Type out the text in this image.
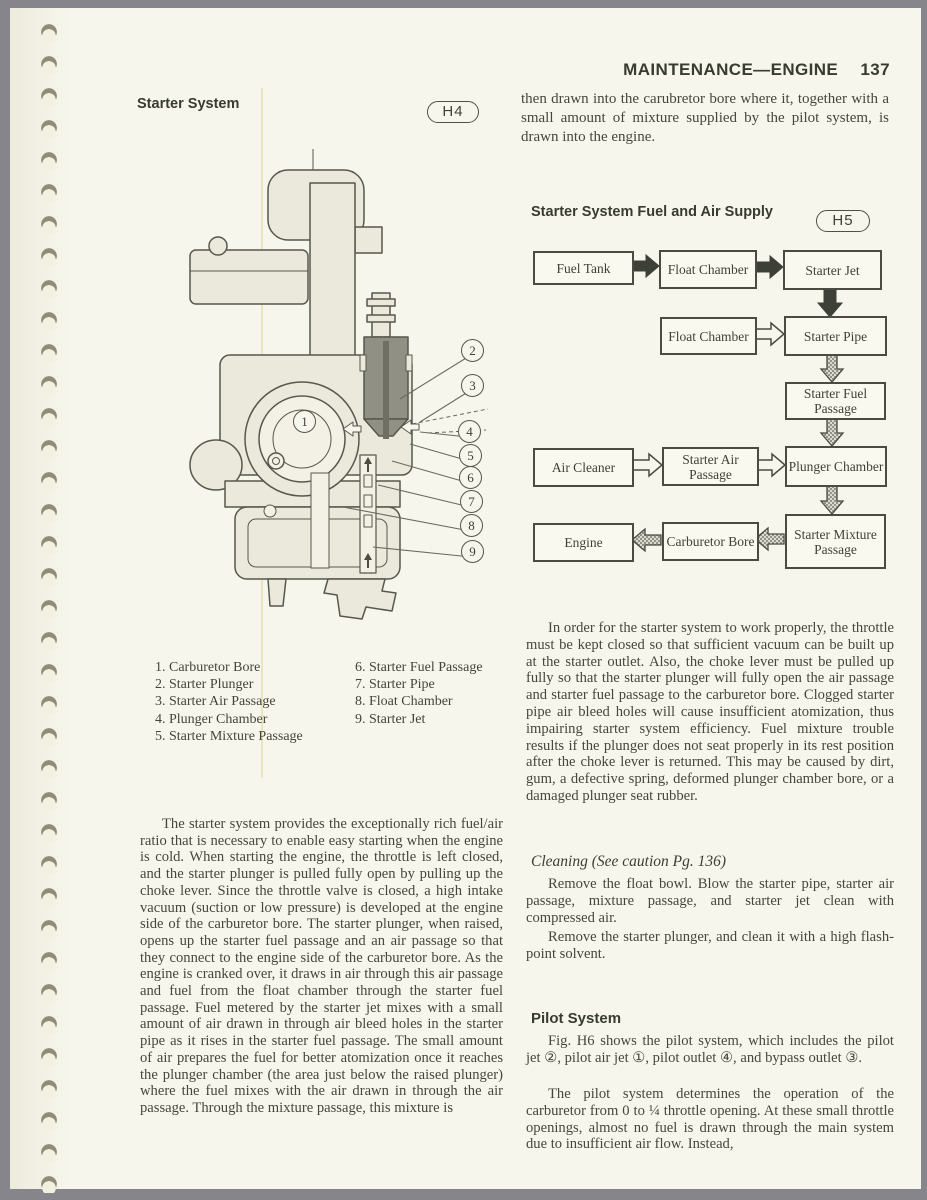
MAINTENANCE—ENGINE 137
then drawn into the carubretor bore where it, together with a small amount of mixture supplied by the pilot system, is drawn into the engine.
Starter System	H4
1
2
3
4
5
6
7
8
9
1. Carburetor Bore
2. Starter Plunger
3. Starter Air Passage
4. Plunger Chamber
5. Starter Mixture Passage
6. Starter Fuel Passage
7. Starter Pipe
8. Float Chamber
9. Starter Jet
The starter system provides the exceptionally rich fuel/air ratio that is necessary to enable easy starting when the engine is cold. When starting the engine, the throttle is left closed, and the starter plunger is pulled fully open by pulling up the choke lever. Since the throttle valve is closed, a high intake vacuum (suction or low pressure) is developed at the engine side of the carburetor bore. The starter plunger, when raised, opens up the starter fuel passage and an air passage so that they connect to the engine side of the carburetor bore. As the engine is cranked over, it draws in air through this air passage and fuel from the float chamber through the starter fuel passage. Fuel metered by the starter jet mixes with a small amount of air drawn in through air bleed holes in the starter pipe as it rises in the starter fuel passage. The small amount of air prepares the fuel for better atomization once it reaches the plunger chamber (the area just below the raised plunger) where the fuel mixes with the air drawn in through the air passage. Through the mixture passage, this mixture is
Starter System Fuel and Air Supply	H5
Fuel Tank	Float Chamber	Starter Jet
Float Chamber	Starter Pipe
Starter Fuel Passage
Air Cleaner
Starter Air Passage	Plunger Chamber
Engine	Carburetor Bore	Starter Mixture Passage
In order for the starter system to work properly, the throttle must be kept closed so that sufficient vacuum can be built up at the starter outlet. Also, the choke lever must be pulled up fully so that the starter plunger will fully open the air passage and starter fuel passage to the carburetor bore. Clogged starter pipe air bleed holes will cause insufficient atomization, thus impairing starter system efficiency. Fuel mixture trouble results if the plunger does not seat properly in its rest position after the choke lever is returned. This may be caused by dirt, gum, a defective spring, deformed plunger chamber bore, or a damaged plunger seat rubber.
Cleaning (See caution Pg. 136)
Remove the float bowl. Blow the starter pipe, starter air passage, mixture passage, and starter jet clean with compressed air.
Remove the starter plunger, and clean it with a high flash-point solvent.
Pilot System
Fig. H6 shows the pilot system, which includes the pilot jet ②, pilot air jet ①, pilot outlet ④, and bypass outlet ③.
The pilot system determines the operation of the carburetor from 0 to ¼ throttle opening. At these small throttle openings, almost no fuel is drawn through the main system due to insufficient air flow. Instead,
